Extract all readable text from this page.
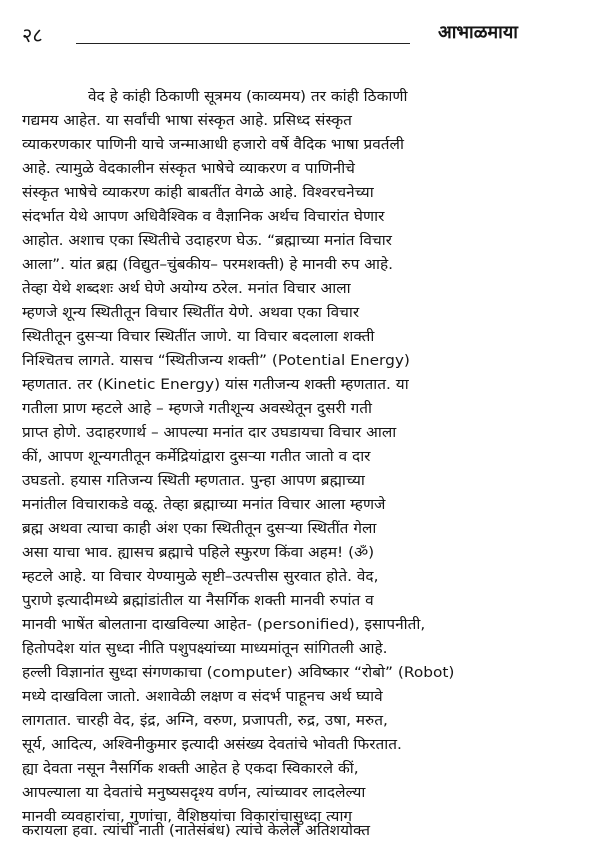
२८	आभाळमाया
वेद हे कांही ठिकाणी सूत्रमय (काव्यमय) तर कांही ठिकाणी
गद्यमय आहेत. या सर्वांची भाषा संस्कृत आहे. प्रसिध्द संस्कृत
व्याकरणकार पाणिनी याचे जन्माआधी हजारो वर्षे वैदिक भाषा प्रवर्तली
आहे. त्यामुळे वेदकालीन संस्कृत भाषेचे व्याकरण व पाणिनीचे
संस्कृत भाषेचे व्याकरण कांही बाबतींत वेगळे आहे. विश्वरचनेच्या
संदर्भात येथे आपण अधिवैश्विक व वैज्ञानिक अर्थच विचारांत घेणार
आहोत. अशाच एका स्थितीचे उदाहरण घेऊ. “ब्रह्माच्या मनांत विचार
आला”. यांत ब्रह्म (विद्युत–चुंबकीय– परमशक्ती) हे मानवी रुप आहे.
तेव्हा येथे शब्दशः अर्थ घेणे अयोग्य ठरेल. मनांत विचार आला
म्हणजे शून्य स्थितीतून विचार स्थितींत येणे. अथवा एका विचार
स्थितीतून दुसऱ्या विचार स्थितींत जाणे. या विचार बदलाला शक्ती
निश्चितच लागते. यासच “स्थितीजन्य शक्ती” (Potential Energy)
म्हणतात. तर (Kinetic Energy) यांस गतीजन्य शक्ती म्हणतात. या
गतीला प्राण म्हटले आहे – म्हणजे गतीशून्य अवस्थेतून दुसरी गती
प्राप्त होणे. उदाहरणार्थ – आपल्या मनांत दार उघडायचा विचार आला
कीं, आपण शून्यगतीतून कर्मेद्रियांद्वारा दुसऱ्या गतीत जातो व दार
उघडतो. हयास गतिजन्य स्थिती म्हणतात. पुन्हा आपण ब्रह्माच्या
मनांतील विचाराकडे वळू. तेव्हा ब्रह्माच्या मनांत विचार आला म्हणजे
ब्रह्म अथवा त्याचा काही अंश एका स्थितीतून दुसऱ्या स्थितींत गेला
असा याचा भाव. ह्यासच ब्रह्माचे पहिले स्फुरण किंवा अहम! (ॐ)
म्हटले आहे. या विचार येण्यामुळे सृष्टी–उत्पत्तीस सुरवात होते. वेद,
पुराणे इत्यादीमध्ये ब्रह्मांडांतील या नैसर्गिक शक्ती मानवी रुपांत व
मानवी भाषेंत बोलताना दाखविल्या आहेत- (personified), इसापनीती,
हितोपदेश यांत सुध्दा नीति पशुपक्ष्यांच्या माध्यमांतून सांगितली आहे.
हल्ली विज्ञानांत सुध्दा संगणकाचा (computer) अविष्कार “रोबो” (Robot)
मध्ये दाखविला जातो. अशावेळी लक्षण व संदर्भ पाहूनच अर्थ घ्यावे
लागतात. चारही वेद, इंद्र, अग्नि, वरुण, प्रजापती, रुद्र, उषा, मरुत,
सूर्य, आदित्य, अश्विनीकुमार इत्यादी असंख्य देवतांचे भोवती फिरतात.
ह्या देवता नसून नैसर्गिक शक्ती आहेत हे एकदा स्विकारले कीं,
आपल्याला या देवतांचे मनुष्यसदृश्य वर्णन, त्यांच्यावर लादलेल्या
मानवी व्यवहारांचा, गुणांचा, वैशिष्ठयांचा विकारांचासुध्दा त्याग
करायला हवा. त्यांची नाती (नातेसंबंध) त्यांचे केलेले अतिशयोक्त
